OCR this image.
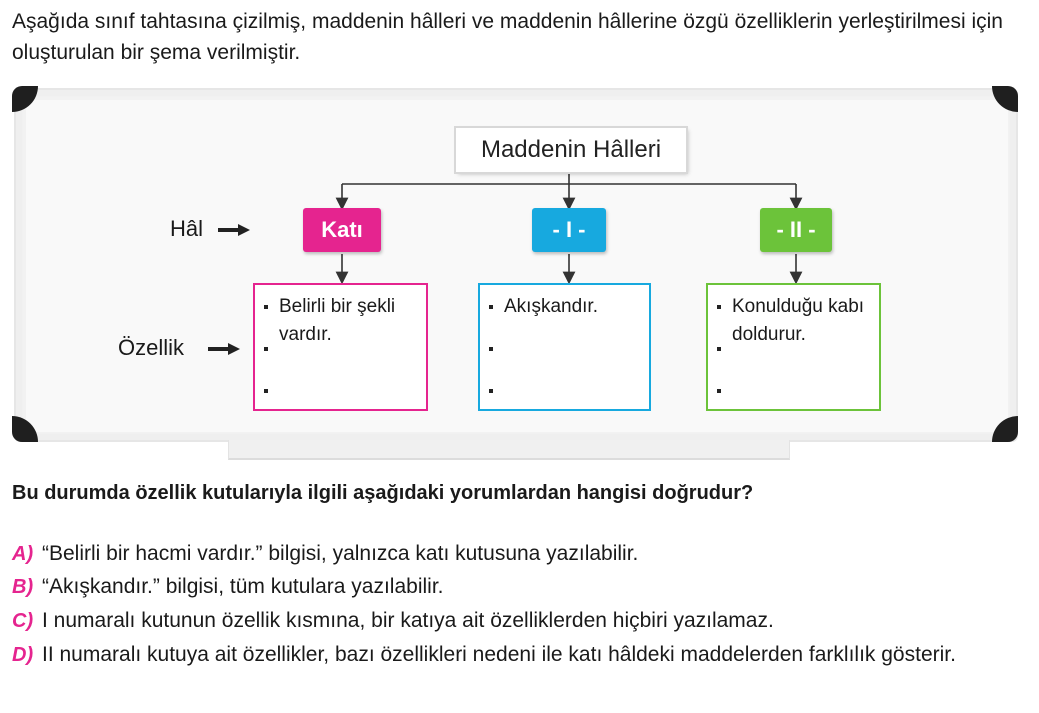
Aşağıda sınıf tahtasına çizilmiş, maddenin hâlleri ve maddenin hâllerine özgü özelliklerin yerleştirilmesi için oluşturulan bir şema verilmiştir.
Maddenin Hâlleri
Hâl
Özellik
Katı	- I -	- II -
Belirli bir şekli vardır.
Akışkandır.	Konulduğu kabı doldurur.
Bu durumda özellik kutularıyla ilgili aşağıdaki yorumlardan hangisi doğrudur?
A) “Belirli bir hacmi vardır.” bilgisi, yalnızca katı kutusuna yazılabilir.
B) “Akışkandır.” bilgisi, tüm kutulara yazılabilir.
C) I numaralı kutunun özellik kısmına, bir katıya ait özelliklerden hiçbiri yazılamaz.
D) II numaralı kutuya ait özellikler, bazı özellikleri nedeni ile katı hâldeki maddelerden farklılık gösterir.
